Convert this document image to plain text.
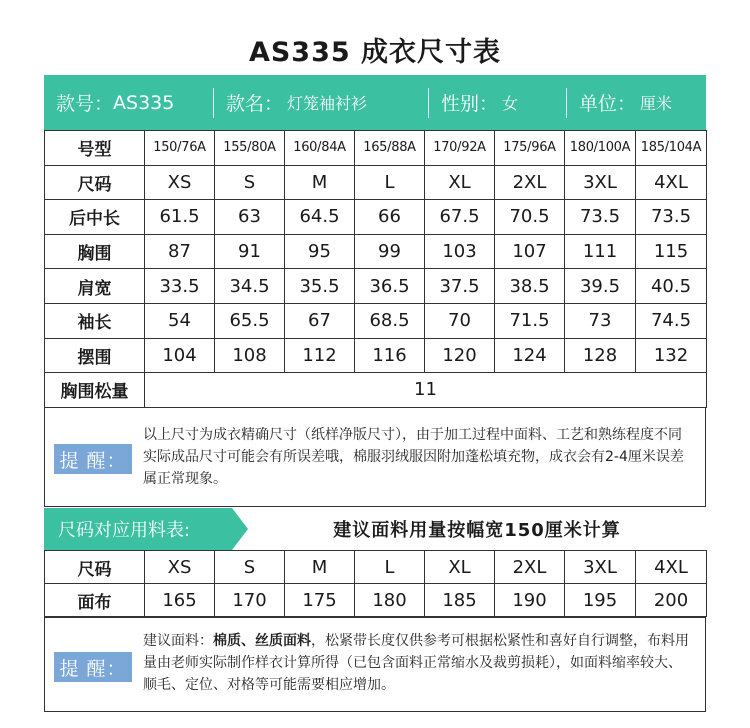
AS335 成衣尺寸表
款号： AS335	款名： 灯笼袖衬衫	性别： 女	单位： 厘米
号型	150/76A	155/80A	160/84A	165/88A	170/92A	175/96A	180/100A	185/104A
尺码	XS	S	M	L	XL	2XL	3XL	4XL
后中长	61.5	63	64.5	66	67.5	70.5	73.5	73.5
胸围	87	91	95	99	103	107	111	115
肩宽	33.5	34.5	35.5	36.5	37.5	38.5	39.5	40.5
袖长	54	65.5	67	68.5	70	71.5	73	74.5
摆围	104	108	112	116	120	124	128	132
胸围松量	11							
提 醒：
以上尺寸为成衣精确尺寸（纸样净版尺寸），由于加工过程中面料、工艺和熟练程度不同实际成品尺寸可能会有所误差哦，棉服羽绒服因附加蓬松填充物，成衣会有2-4厘米误差属正常现象。
尺码对应用料表:	建议面料用量按幅宽150厘米计算
尺码	XS	S	M	L	XL	2XL	3XL	4XL
面布	165	170	175	180	185	190	195	200
提 醒：
建议面料：棉质、丝质面料，松紧带长度仅供参考可根据松紧性和喜好自行调整，布料用量由老师实际制作样衣计算所得（已包含面料正常缩水及裁剪损耗），如面料缩率较大、顺毛、定位、对格等可能需要相应增加。
